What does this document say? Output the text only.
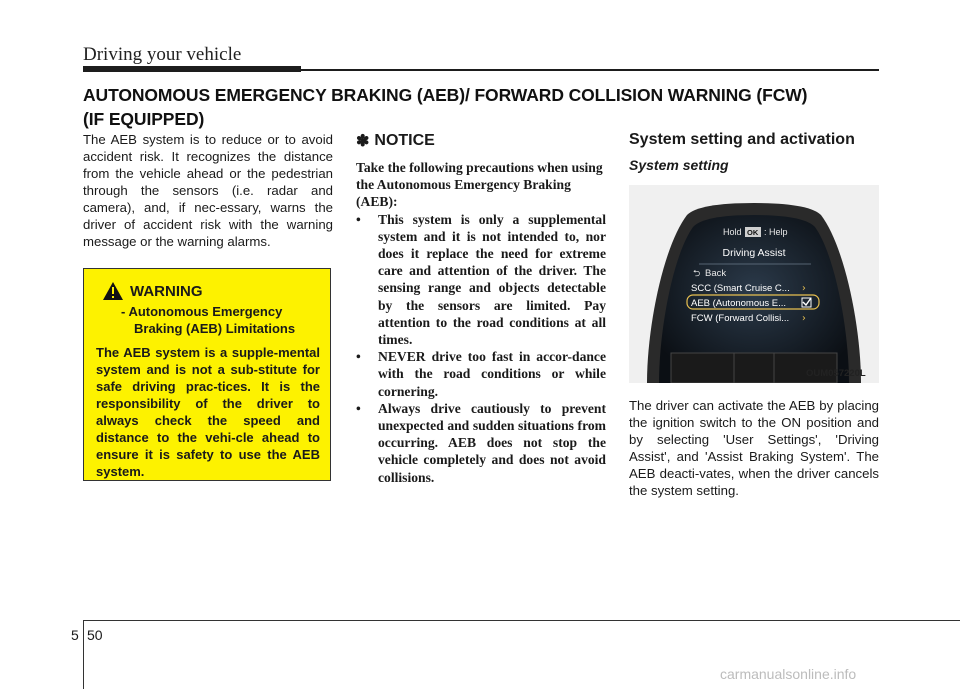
Driving your vehicle
AUTONOMOUS EMERGENCY BRAKING (AEB)/ FORWARD COLLISION WARNING (FCW)
(IF EQUIPPED)

The AEB system is to reduce or to avoid accident risk. It recognizes the distance from the vehicle ahead or the pedestrian through the sensors (i.e. radar and camera), and, if nec-essary, warns the driver of accident risk with the warning message or the warning alarms.

WARNING

- Autonomous Emergency Braking (AEB) Limitations

The AEB system is a supple-mental system and is not a sub-stitute for safe driving prac-tices. It is the responsibility of the driver to always check the speed and distance to the vehi-cle ahead to ensure it is safety to use the AEB system.

✽ NOTICE

Take the following precautions when using the Autonomous Emergency Braking (AEB):

• This system is only a supplemental system and it is not intended to, nor does it replace the need for extreme care and attention of the driver. The sensing range and objects detectable by the sensors are limited. Pay attention to the road conditions at all times.
• NEVER drive too fast in accor-dance with the road conditions or while cornering.
• Always drive cautiously to prevent unexpected and sudden situations from occurring. AEB does not stop the vehicle completely and does not avoid collisions.
System setting and activation
System setting
Hold OK : Help
Driving Assist
⮌ Back
SCC (Smart Cruise C... ›
AEB (Autonomous E...
FCW (Forward Collisi... ›
OUM057220L

The driver can activate the AEB by placing the ignition switch to the ON position and by selecting 'User Settings', 'Driving Assist', and 'Assist Braking System'. The AEB deacti-vates, when the driver cancels the system setting.

5 50
carmanualsonline.info
